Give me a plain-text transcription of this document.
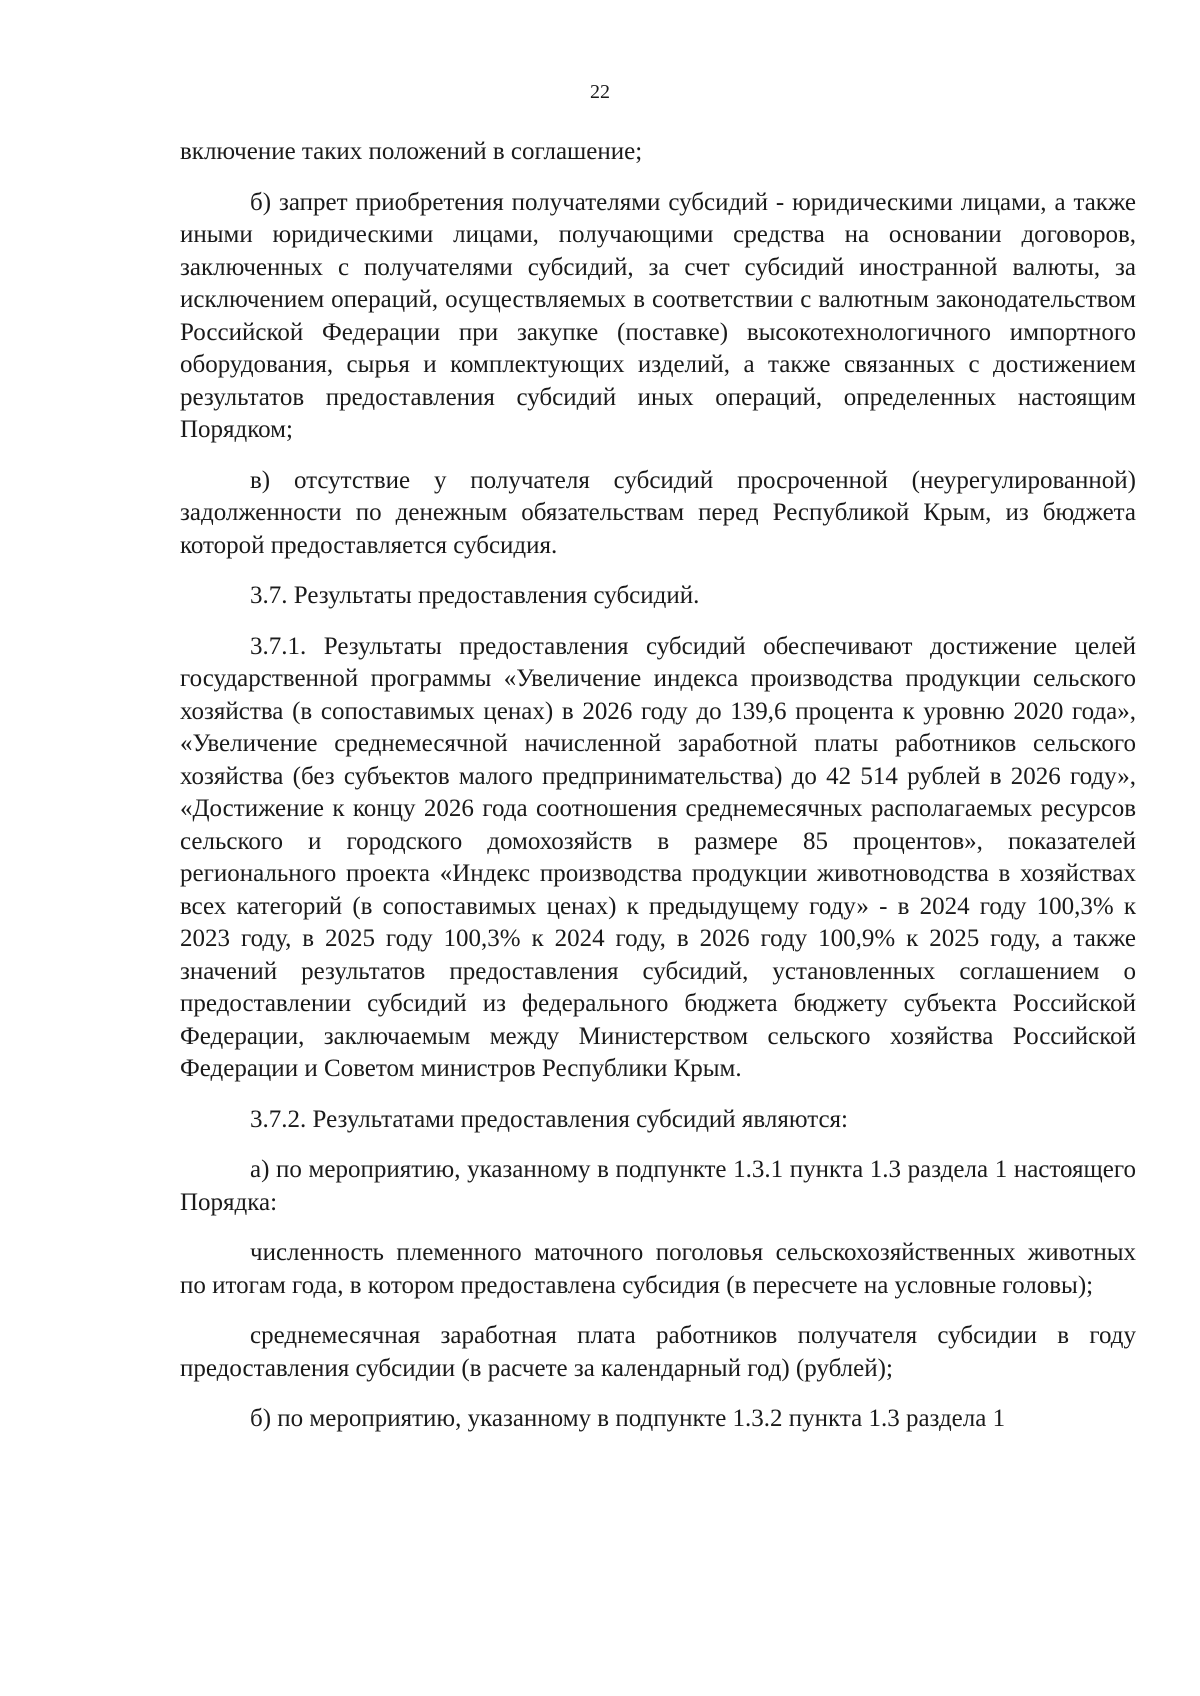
22

включение таких положений в соглашение;

б) запрет приобретения получателями субсидий - юридическими лицами, а также иными юридическими лицами, получающими средства на основании договоров, заключенных с получателями субсидий, за счет субсидий иностранной валюты, за исключением операций, осуществляемых в соответствии с валютным законодательством Российской Федерации при закупке (поставке) высокотехнологичного импортного оборудования, сырья и комплектующих изделий, а также связанных с достижением результатов предоставления субсидий иных операций, определенных настоящим Порядком;

в) отсутствие у получателя субсидий просроченной (неурегулированной) задолженности по денежным обязательствам перед Республикой Крым, из бюджета которой предоставляется субсидия.

3.7. Результаты предоставления субсидий.

3.7.1. Результаты предоставления субсидий обеспечивают достижение целей государственной программы «Увеличение индекса производства продукции сельского хозяйства (в сопоставимых ценах) в 2026 году до 139,6 процента к уровню 2020 года», «Увеличение среднемесячной начисленной заработной платы работников сельского хозяйства (без субъектов малого предпринимательства) до 42 514 рублей в 2026 году», «Достижение к концу 2026 года соотношения среднемесячных располагаемых ресурсов сельского и городского домохозяйств в размере 85 процентов», показателей регионального проекта «Индекс производства продукции животноводства в хозяйствах всех категорий (в сопоставимых ценах) к предыдущему году» - в 2024 году 100,3% к 2023 году, в 2025 году 100,3% к 2024 году, в 2026 году 100,9% к 2025 году, а также значений результатов предоставления субсидий, установленных соглашением о предоставлении субсидий из федерального бюджета бюджету субъекта Российской Федерации, заключаемым между Министерством сельского хозяйства Российской Федерации и Советом министров Республики Крым.

3.7.2. Результатами предоставления субсидий являются:

а) по мероприятию, указанному в подпункте 1.3.1 пункта 1.3 раздела 1 настоящего Порядка:

численность племенного маточного поголовья сельскохозяйственных животных по итогам года, в котором предоставлена субсидия (в пересчете на условные головы);

среднемесячная заработная плата работников получателя субсидии в году предоставления субсидии (в расчете за календарный год) (рублей);

б) по мероприятию, указанному в подпункте 1.3.2 пункта 1.3 раздела 1
